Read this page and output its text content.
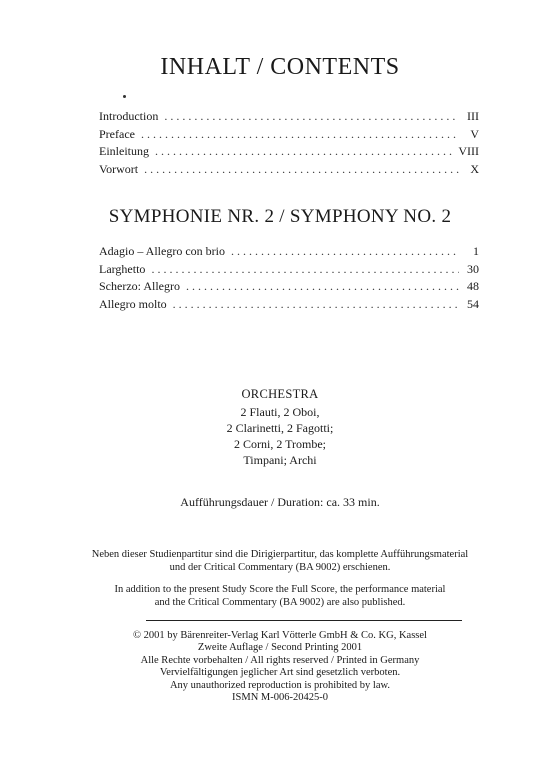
INHALT / CONTENTS
Introduction . . .	III
Preface . . .	V
Einleitung . . .	VIII
Vorwort . . .	X
SYMPHONIE NR. 2 / SYMPHONY NO. 2
Adagio – Allegro con brio . . .	1
Larghetto . . .	30
Scherzo: Allegro . . .	48
Allegro molto . . .	54
ORCHESTRA
2 Flauti, 2 Oboi,
2 Clarinetti, 2 Fagotti;
2 Corni, 2 Trombe;
Timpani; Archi
Aufführungsdauer / Duration: ca. 33 min.
Neben dieser Studienpartitur sind die Dirigierpartitur, das komplette Aufführungsmaterial
und der Critical Commentary (BA 9002) erschienen.
In addition to the present Study Score the Full Score, the performance material
and the Critical Commentary (BA 9002) are also published.
© 2001 by Bärenreiter-Verlag Karl Vötterle GmbH & Co. KG, Kassel
Zweite Auflage / Second Printing 2001
Alle Rechte vorbehalten / All rights reserved / Printed in Germany
Vervielfältigungen jeglicher Art sind gesetzlich verboten.
Any unauthorized reproduction is prohibited by law.
ISMN M-006-20425-0
